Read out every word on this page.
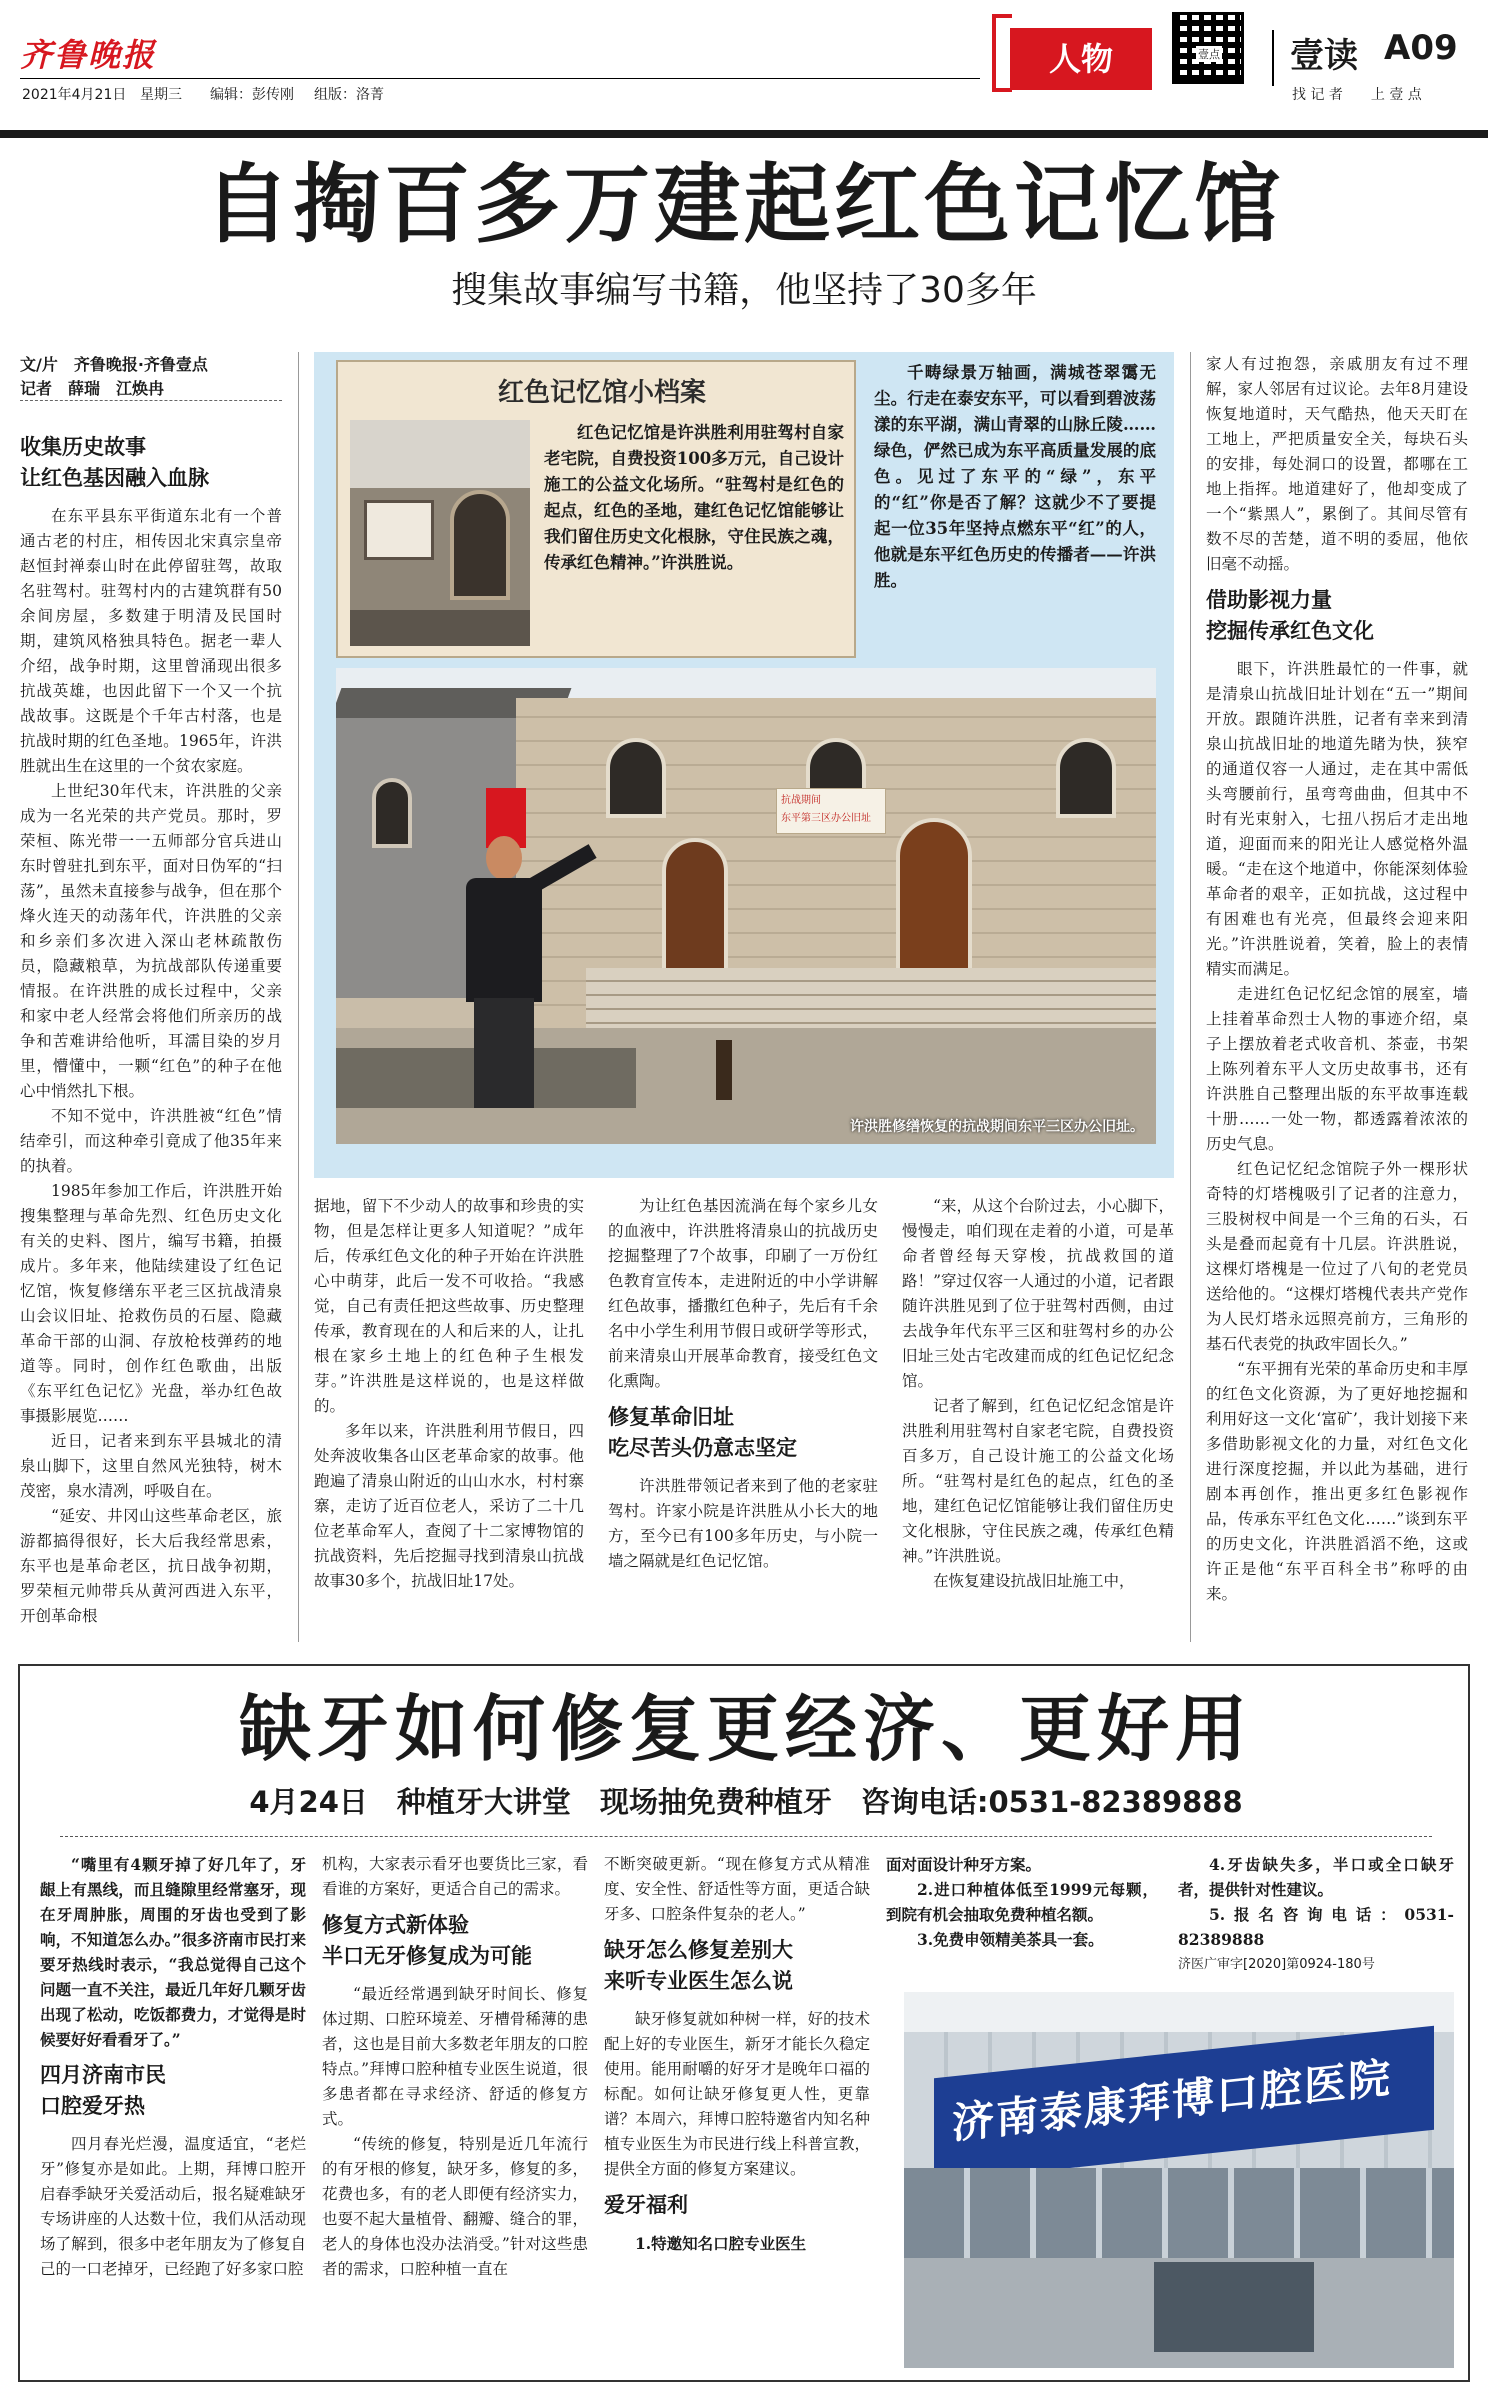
齐鲁晚报
2021年4月21日 星期三 编辑：彭传刚 组版：洛菁
人物	壹点 壹读 A09
找 记 者　　上 壹 点
自掏百多万建起红色记忆馆
搜集故事编写书籍，他坚持了30多年
文/片　齐鲁晚报·齐鲁壹点
记者　薛瑞　江焕冉
收集历史故事
让红色基因融入血脉

在东平县东平街道东北有一个普通古老的村庄，相传因北宋真宗皇帝赵恒封禅泰山时在此停留驻驾，故取名驻驾村。驻驾村内的古建筑群有50余间房屋，多数建于明清及民国时期，建筑风格独具特色。据老一辈人介绍，战争时期，这里曾涌现出很多抗战英雄，也因此留下一个又一个抗战故事。这既是个千年古村落，也是抗战时期的红色圣地。1965年，许洪胜就出生在这里的一个贫农家庭。

上世纪30年代末，许洪胜的父亲成为一名光荣的共产党员。那时，罗荣桓、陈光带一一五师部分官兵进山东时曾驻扎到东平，面对日伪军的“扫荡”，虽然未直接参与战争，但在那个烽火连天的动荡年代，许洪胜的父亲和乡亲们多次进入深山老林疏散伤员，隐藏粮草，为抗战部队传递重要情报。在许洪胜的成长过程中，父亲和家中老人经常会将他们所亲历的战争和苦难讲给他听，耳濡目染的岁月里，懵懂中，一颗“红色”的种子在他心中悄然扎下根。

不知不觉中，许洪胜被“红色”情结牵引，而这种牵引竟成了他35年来的执着。

1985年参加工作后，许洪胜开始搜集整理与革命先烈、红色历史文化有关的史料、图片，编写书籍，拍摄成片。多年来，他陆续建设了红色记忆馆，恢复修缮东平老三区抗战清泉山会议旧址、抢救伤员的石屋、隐藏革命干部的山洞、存放枪枝弹药的地道等。同时，创作红色歌曲，出版《东平红色记忆》光盘，举办红色故事摄影展览……

近日，记者来到东平县城北的清泉山脚下，这里自然风光独特，树木茂密，泉水清冽，呼吸自在。

“延安、井冈山这些革命老区，旅游都搞得很好，长大后我经常思索，东平也是革命老区，抗日战争初期，罗荣桓元帅带兵从黄河西进入东平，开创革命根

红色记忆馆小档案

红色记忆馆是许洪胜利用驻驾村自家老宅院，自费投资100多万元，自己设计施工的公益文化场所。“驻驾村是红色的起点，红色的圣地，建红色记忆馆能够让我们留住历史文化根脉，守住民族之魂，传承红色精神。”许洪胜说。

千畴绿景万轴画，满城苍翠霭无尘。行走在泰安东平，可以看到碧波荡漾的东平湖，满山青翠的山脉丘陵……绿色，俨然已成为东平高质量发展的底色。见过了东平的“绿”，东平的“红”你是否了解？这就少不了要提起一位35年坚持点燃东平“红”的人，他就是东平红色历史的传播者——许洪胜。

抗战期间
东平第三区办公旧址
许洪胜修缮恢复的抗战期间东平三区办公旧址。

据地，留下不少动人的故事和珍贵的实物，但是怎样让更多人知道呢？”成年后，传承红色文化的种子开始在许洪胜心中萌芽，此后一发不可收拾。“我感觉，自己有责任把这些故事、历史整理传承，教育现在的人和后来的人，让扎根在家乡土地上的红色种子生根发芽。”许洪胜是这样说的，也是这样做的。

多年以来，许洪胜利用节假日，四处奔波收集各山区老革命家的故事。他跑遍了清泉山附近的山山水水，村村寨寨，走访了近百位老人，采访了二十几位老革命军人，查阅了十二家博物馆的抗战资料，先后挖掘寻找到清泉山抗战故事30多个，抗战旧址17处。

为让红色基因流淌在每个家乡儿女的血液中，许洪胜将清泉山的抗战历史挖掘整理了7个故事，印刷了一万份红色教育宣传本，走进附近的中小学讲解红色故事，播撒红色种子，先后有千余名中小学生利用节假日或研学等形式，前来清泉山开展革命教育，接受红色文化熏陶。

修复革命旧址
吃尽苦头仍意志坚定

许洪胜带领记者来到了他的老家驻驾村。许家小院是许洪胜从小长大的地方，至今已有100多年历史，与小院一墙之隔就是红色记忆馆。

“来，从这个台阶过去，小心脚下，慢慢走，咱们现在走着的小道，可是革命者曾经每天穿梭，抗战救国的道路！”穿过仅容一人通过的小道，记者跟随许洪胜见到了位于驻驾村西侧，由过去战争年代东平三区和驻驾村乡的办公旧址三处古宅改建而成的红色记忆纪念馆。

记者了解到，红色记忆纪念馆是许洪胜利用驻驾村自家老宅院，自费投资百多万，自己设计施工的公益文化场所。“驻驾村是红色的起点，红色的圣地，建红色记忆馆能够让我们留住历史文化根脉，守住民族之魂，传承红色精神。”许洪胜说。

在恢复建设抗战旧址施工中，

家人有过抱怨，亲戚朋友有过不理解，家人邻居有过议论。去年8月建设恢复地道时，天气酷热，他天天盯在工地上，严把质量安全关，每块石头的安排，每处洞口的设置，都哪在工地上指挥。地道建好了，他却变成了一个“紫黑人”，累倒了。其间尽管有数不尽的苦楚，道不明的委屈，他依旧毫不动摇。

借助影视力量
挖掘传承红色文化

眼下，许洪胜最忙的一件事，就是清泉山抗战旧址计划在“五一”期间开放。跟随许洪胜，记者有幸来到清泉山抗战旧址的地道先睹为快，狭窄的通道仅容一人通过，走在其中需低头弯腰前行，虽弯弯曲曲，但其中不时有光束射入，七扭八拐后才走出地道，迎面而来的阳光让人感觉格外温暖。“走在这个地道中，你能深刻体验革命者的艰辛，正如抗战，这过程中有困难也有光亮，但最终会迎来阳光。”许洪胜说着，笑着，脸上的表情精实而满足。

走进红色记忆纪念馆的展室，墙上挂着革命烈士人物的事迹介绍，桌子上摆放着老式收音机、茶壶，书架上陈列着东平人文历史故事书，还有许洪胜自己整理出版的东平故事连载十册……一处一物，都透露着浓浓的历史气息。

红色记忆纪念馆院子外一棵形状奇特的灯塔槐吸引了记者的注意力，三股树杈中间是一个三角的石头，石头是叠而起竟有十几层。许洪胜说，这棵灯塔槐是一位过了八旬的老党员送给他的。“这棵灯塔槐代表共产党作为人民灯塔永远照亮前方，三角形的基石代表党的执政牢固长久。”

“东平拥有光荣的革命历史和丰厚的红色文化资源，为了更好地挖掘和利用好这一文化‘富矿’，我计划接下来多借助影视文化的力量，对红色文化进行深度挖掘，并以此为基础，进行剧本再创作，推出更多红色影视作品，传承东平红色文化……”谈到东平的历史文化，许洪胜滔滔不绝，这或许正是他“东平百科全书”称呼的由来。

缺牙如何修复更经济、更好用
4月24日　种植牙大讲堂　现场抽免费种植牙　咨询电话:0531-82389888

“嘴里有4颗牙掉了好几年了，牙龈上有黑线，而且缝隙里经常塞牙，现在牙周肿胀，周围的牙齿也受到了影响，不知道怎么办。”很多济南市民打来要牙热线时表示，“我总觉得自己这个问题一直不关注，最近几年好几颗牙齿出现了松动，吃饭都费力，才觉得是时候要好好看看牙了。”

四月济南市民
口腔爱牙热

四月春光烂漫，温度适宜，“老烂牙”修复亦是如此。上期，拜博口腔开启春季缺牙关爱活动后，报名疑难缺牙专场讲座的人达数十位，我们从活动现场了解到，很多中老年朋友为了修复自己的一口老掉牙，已经跑了好多家口腔

机构，大家表示看牙也要货比三家，看看谁的方案好，更适合自己的需求。

修复方式新体验
半口无牙修复成为可能

“最近经常遇到缺牙时间长、修复体过期、口腔环境差、牙槽骨稀薄的患者，这也是目前大多数老年朋友的口腔特点。”拜博口腔种植专业医生说道，很多患者都在寻求经济、舒适的修复方式。

“传统的修复，特别是近几年流行的有牙根的修复，缺牙多，修复的多，花费也多，有的老人即便有经济实力，也耍不起大量植骨、翻瓣、缝合的罪，老人的身体也没办法消受。”针对这些患者的需求，口腔种植一直在

不断突破更新。“现在修复方式从精准度、安全性、舒适性等方面，更适合缺牙多、口腔条件复杂的老人。”

缺牙怎么修复差别大
来听专业医生怎么说

缺牙修复就如种树一样，好的技术配上好的专业医生，新牙才能长久稳定使用。能用耐嚼的好牙才是晚年口福的标配。如何让缺牙修复更人性，更靠谱？本周六，拜博口腔特邀省内知名种植专业医生为市民进行线上科普宣教，提供全方面的修复方案建议。

爱牙福利

1.特邀知名口腔专业医生

面对面设计种牙方案。

2.进口种植体低至1999元每颗，到院有机会抽取免费种植名额。

3.免费申领精美茶具一套。

4.牙齿缺失多，半口或全口缺牙者，提供针对性建议。

5.报名咨询电话：0531-82389888

济医广审字[2020]第0924-180号

济南泰康拜博口腔医院
